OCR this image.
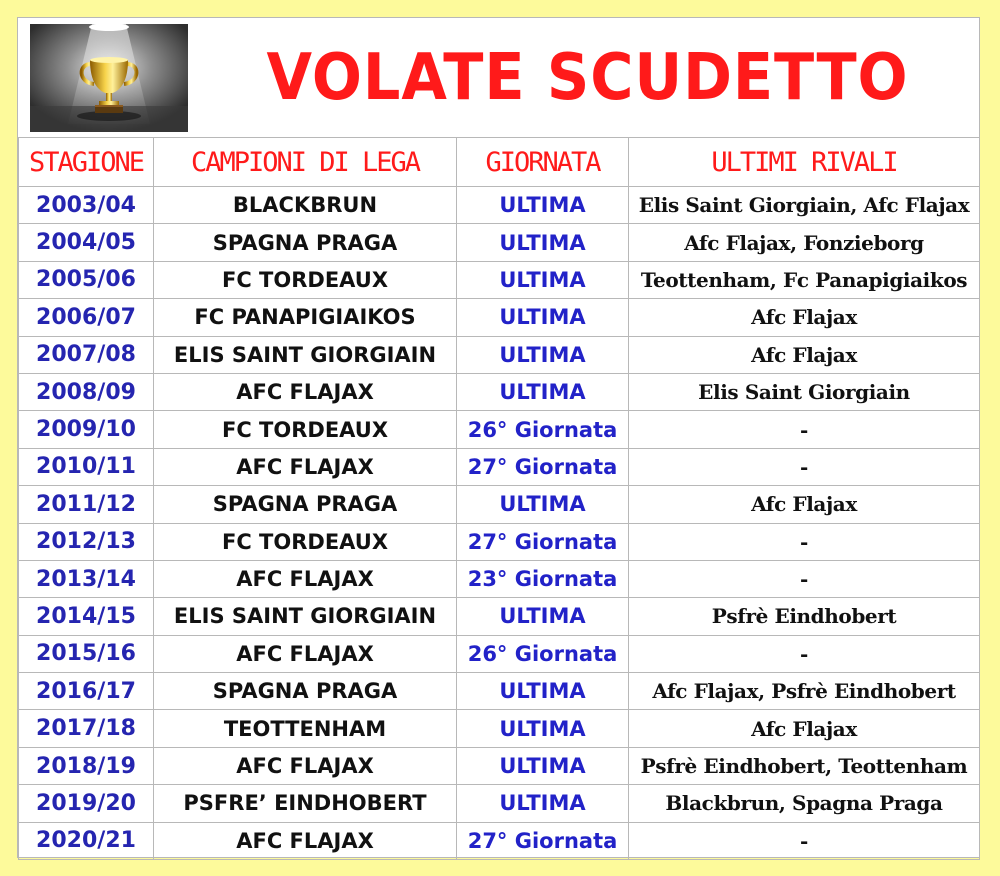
VOLATE SCUDETTO
STAGIONE	CAMPIONI DI LEGA	GIORNATA	ULTIMI RIVALI
2003/04	BLACKBRUN	ULTIMA	Elis Saint Giorgiain, Afc Flajax
2004/05	SPAGNA PRAGA	ULTIMA	Afc Flajax, Fonzieborg
2005/06	FC TORDEAUX	ULTIMA	Teottenham, Fc Panapigiaikos
2006/07	FC PANAPIGIAIKOS	ULTIMA	Afc Flajax
2007/08	ELIS SAINT GIORGIAIN	ULTIMA	Afc Flajax
2008/09	AFC FLAJAX	ULTIMA	Elis Saint Giorgiain
2009/10	FC TORDEAUX	26° Giornata	-
2010/11	AFC FLAJAX	27° Giornata	-
2011/12	SPAGNA PRAGA	ULTIMA	Afc Flajax
2012/13	FC TORDEAUX	27° Giornata	-
2013/14	AFC FLAJAX	23° Giornata	-
2014/15	ELIS SAINT GIORGIAIN	ULTIMA	Psfrè Eindhobert
2015/16	AFC FLAJAX	26° Giornata	-
2016/17	SPAGNA PRAGA	ULTIMA	Afc Flajax, Psfrè Eindhobert
2017/18	TEOTTENHAM	ULTIMA	Afc Flajax
2018/19	AFC FLAJAX	ULTIMA	Psfrè Eindhobert, Teottenham
2019/20	PSFRE’ EINDHOBERT	ULTIMA	Blackbrun, Spagna Praga
2020/21	AFC FLAJAX	27° Giornata	-
